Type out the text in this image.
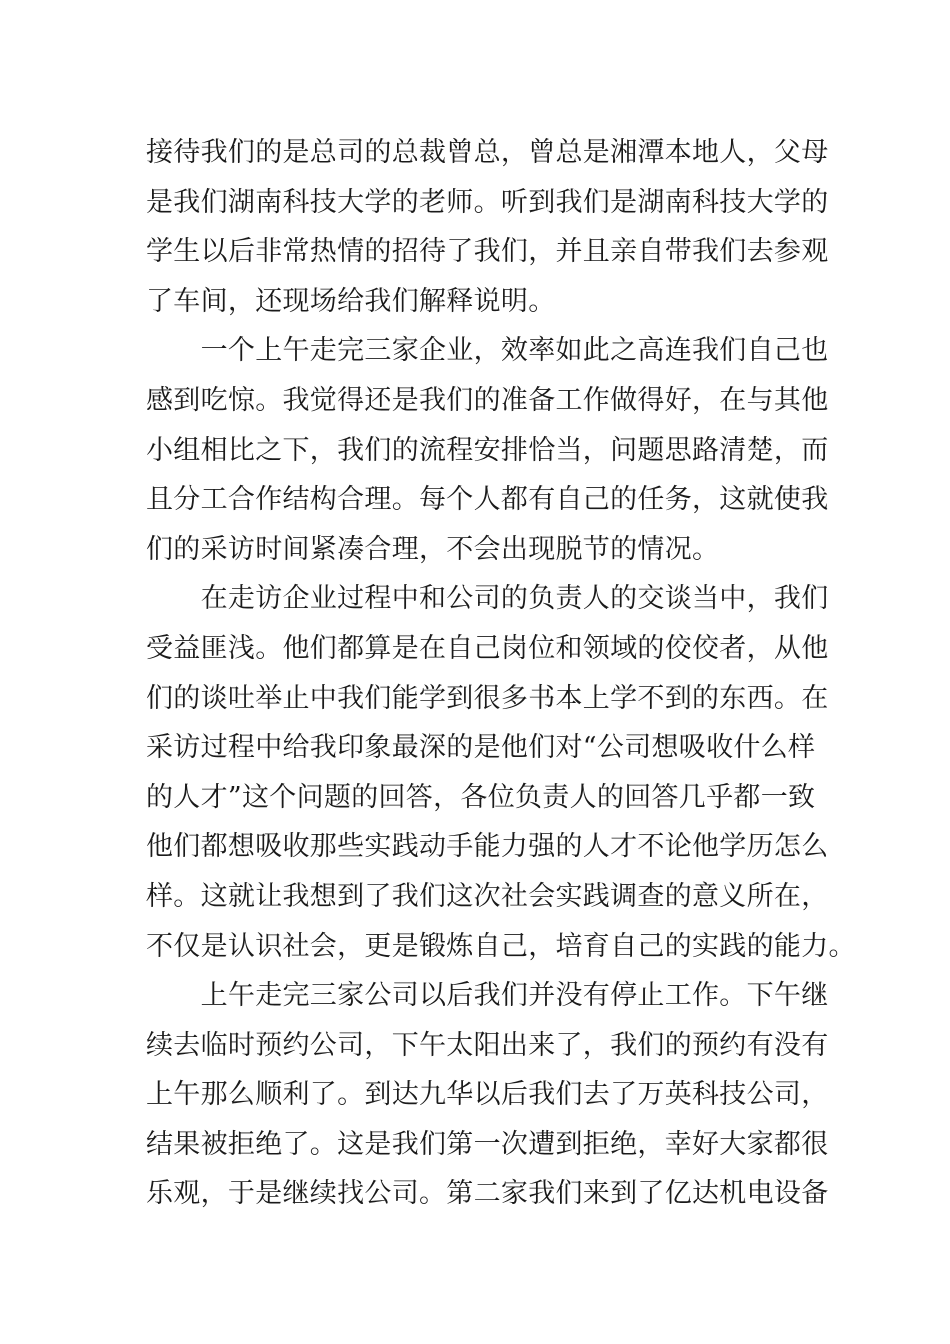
接待我们的是总司的总裁曾总，曾总是湘潭本地人，父母
是我们湖南科技大学的老师。听到我们是湖南科技大学的
学生以后非常热情的招待了我们，并且亲自带我们去参观
了车间，还现场给我们解释说明。
　　一个上午走完三家企业，效率如此之高连我们自己也
感到吃惊。我觉得还是我们的准备工作做得好，在与其他
小组相比之下，我们的流程安排恰当，问题思路清楚，而
且分工合作结构合理。每个人都有自己的任务，这就使我
们的采访时间紧凑合理，不会出现脱节的情况。
　　在走访企业过程中和公司的负责人的交谈当中，我们
受益匪浅。他们都算是在自己岗位和领域的佼佼者，从他
们的谈吐举止中我们能学到很多书本上学不到的东西。在
采访过程中给我印象最深的是他们对“公司想吸收什么样
的人才”这个问题的回答，各位负责人的回答几乎都一致
他们都想吸收那些实践动手能力强的人才不论他学历怎么
样。这就让我想到了我们这次社会实践调查的意义所在，
不仅是认识社会，更是锻炼自己，培育自己的实践的能力。
　　上午走完三家公司以后我们并没有停止工作。下午继
续去临时预约公司，下午太阳出来了，我们的预约有没有
上午那么顺利了。到达九华以后我们去了万英科技公司，
结果被拒绝了。这是我们第一次遭到拒绝，幸好大家都很
乐观，于是继续找公司。第二家我们来到了亿达机电设备
